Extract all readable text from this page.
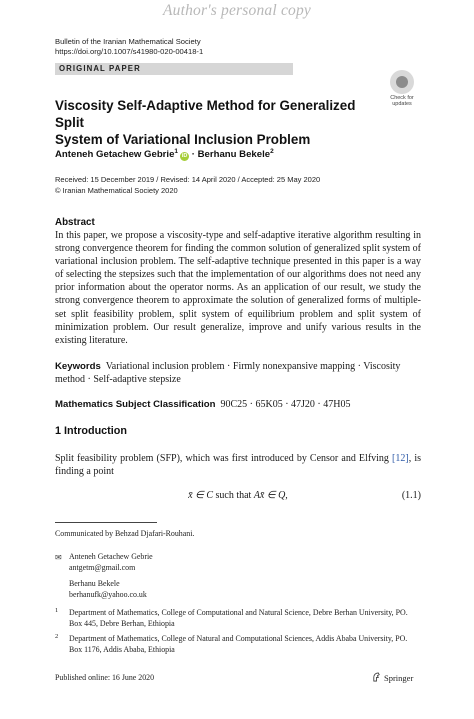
Author's personal copy
Bulletin of the Iranian Mathematical Society
https://doi.org/10.1007/s41980-020-00418-1
ORIGINAL PAPER
Check for
updates
Viscosity Self-Adaptive Method for Generalized Split
System of Variational Inclusion Problem
Anteneh Getachew Gebrie$^1$iD · Berhanu Bekele$^2$
Received: 15 December 2019 / Revised: 14 April 2020 / Accepted: 25 May 2020
© Iranian Mathematical Society 2020
Abstract
In this paper, we propose a viscosity-type and self-adaptive iterative algorithm resulting in strong convergence theorem for finding the common solution of generalized split system of variational inclusion problem. The self-adaptive technique presented in this paper is a way of selecting the stepsizes such that the implementation of our algorithms does not need any prior information about the operator norms. As an application of our result, we study the strong convergence theorem to approximate the solution of generalized forms of multiple-set split feasibility problem, split system of equilibrium problem and split system of minimization problem. Our result generalize, improve and unify various results in the existing literature.
Keywords Variational inclusion problem · Firmly nonexpansive mapping · Viscosity method · Self-adaptive stepsize
Mathematics Subject Classification 90C25 · 65K05 · 47J20 · 47H05
1 Introduction
Split feasibility problem (SFP), which was first introduced by Censor and Elfving [12], is finding a point
x̄ ∈ C such that Ax̄ ∈ Q,	(1.1)
Communicated by Behzad Djafari-Rouhani.
✉ Anteneh Getachew Gebrie
antgetm@gmail.com
Berhanu Bekele
berhanufk@yahoo.co.uk
1 Department of Mathematics, College of Computational and Natural Science, Debre Berhan University, PO. Box 445, Debre Berhan, Ethiopia
2 Department of Mathematics, College of Natural and Computational Sciences, Addis Ababa University, PO. Box 1176, Addis Ababa, Ethiopia
Published online: 16 June 2020	Springer
